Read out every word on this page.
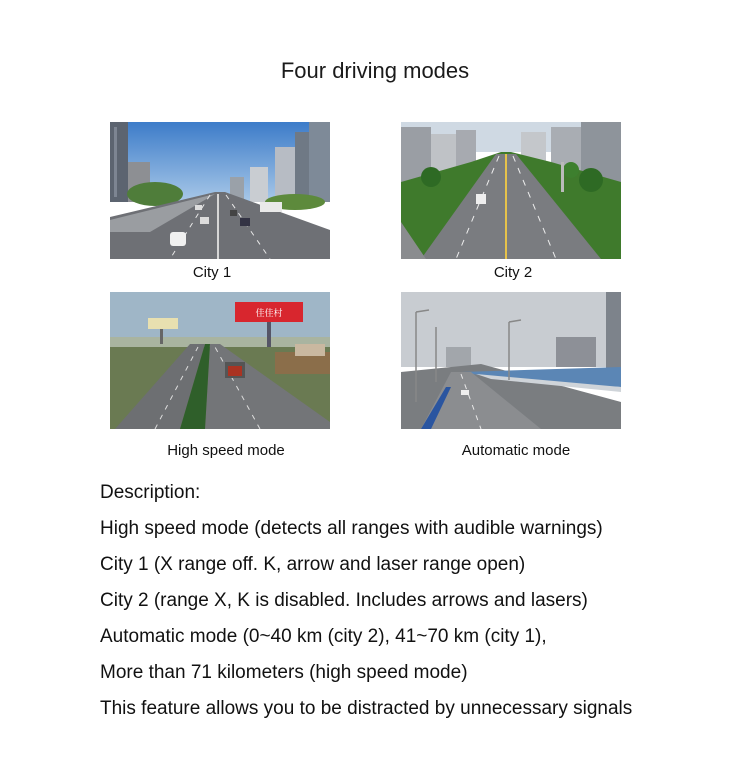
Four driving modes
City 1	City 2
佳佳村
High speed mode	Automatic mode
Description:
High speed mode (detects all ranges with audible warnings)
City 1 (X range off. K, arrow and laser range open)
City 2 (range X, K is disabled. Includes arrows and lasers)
Automatic mode (0~40 km (city 2), 41~70 km (city 1),
More than 71 kilometers (high speed mode)
This feature allows you to be distracted by unnecessary signals
